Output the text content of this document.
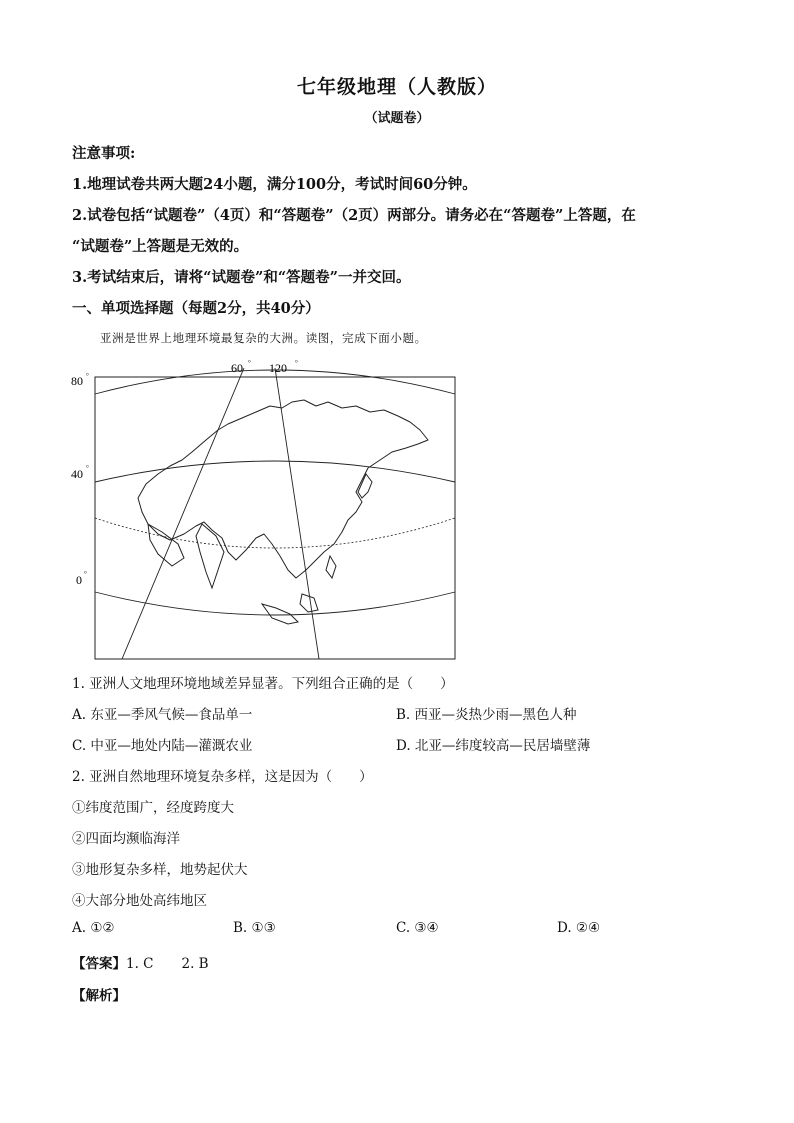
七年级地理（人教版）
（试题卷）
注意事项:
1.地理试卷共两大题24小题，满分100分，考试时间60分钟。
2.试卷包括“试题卷”（4页）和“答题卷”（2页）两部分。请务必在“答题卷”上答题，在
“试题卷”上答题是无效的。
3.考试结束后，请将“试题卷”和“答题卷”一并交回。
一、单项选择题（每题2分，共40分）
亚洲是世界上地理环境最复杂的大洲。读图，完成下面小题。
80 °
40 °
0 °
60 ° 120 °
1. 亚洲人文地理环境地域差异显著。下列组合正确的是（　　）
A. 东亚—季风气候—食品单一	B. 西亚—炎热少雨—黑色人种
C. 中亚—地处内陆—灌溉农业	D. 北亚—纬度较高—民居墙壁薄
2. 亚洲自然地理环境复杂多样，这是因为（　　）
①纬度范围广，经度跨度大
②四面均濒临海洋
③地形复杂多样，地势起伏大
④大部分地处高纬地区
A. ①②	B. ①③	C. ③④	D. ②④
【答案】1. C 2. B
【解析】
